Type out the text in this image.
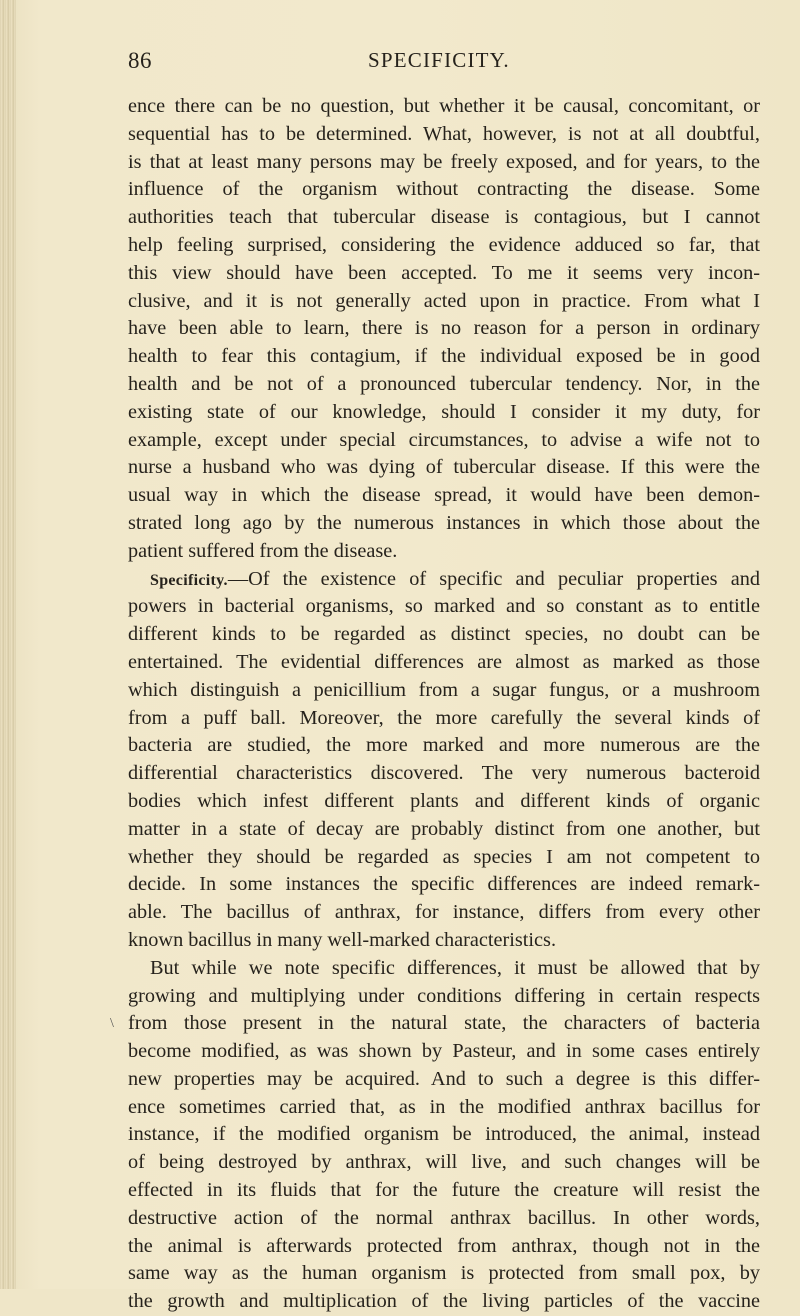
86	SPECIFICITY.
ence there can be no question, but whether it be causal, concomitant, or
sequential has to be determined. What, however, is not at all doubtful,
is that at least many persons may be freely exposed, and for years, to the
influence of the organism without contracting the disease. Some
authorities teach that tubercular disease is contagious, but I cannot
help feeling surprised, considering the evidence adduced so far, that
this view should have been accepted. To me it seems very incon-
clusive, and it is not generally acted upon in practice. From what I
have been able to learn, there is no reason for a person in ordinary
health to fear this contagium, if the individual exposed be in good
health and be not of a pronounced tubercular tendency. Nor, in the
existing state of our knowledge, should I consider it my duty, for
example, except under special circumstances, to advise a wife not to
nurse a husband who was dying of tubercular disease. If this were the
usual way in which the disease spread, it would have been demon-
strated long ago by the numerous instances in which those about the
patient suffered from the disease.
Specificity.—Of the existence of specific and peculiar properties and
powers in bacterial organisms, so marked and so constant as to entitle
different kinds to be regarded as distinct species, no doubt can be
entertained. The evidential differences are almost as marked as those
which distinguish a penicillium from a sugar fungus, or a mushroom
from a puff ball. Moreover, the more carefully the several kinds of
bacteria are studied, the more marked and more numerous are the
differential characteristics discovered. The very numerous bacteroid
bodies which infest different plants and different kinds of organic
matter in a state of decay are probably distinct from one another, but
whether they should be regarded as species I am not competent to
decide. In some instances the specific differences are indeed remark-
able. The bacillus of anthrax, for instance, differs from every other
known bacillus in many well-marked characteristics.
But while we note specific differences, it must be allowed that by
growing and multiplying under conditions differing in certain respects
from those present in the natural state, the characters of bacteria
become modified, as was shown by Pasteur, and in some cases entirely
new properties may be acquired. And to such a degree is this differ-
ence sometimes carried that, as in the modified anthrax bacillus for
instance, if the modified organism be introduced, the animal, instead
of being destroyed by anthrax, will live, and such changes will be
effected in its fluids that for the future the creature will resist the
destructive action of the normal anthrax bacillus. In other words,
the animal is afterwards protected from anthrax, though not in the
same way as the human organism is protected from small pox, by
the growth and multiplication of the living particles of the vaccine
\
